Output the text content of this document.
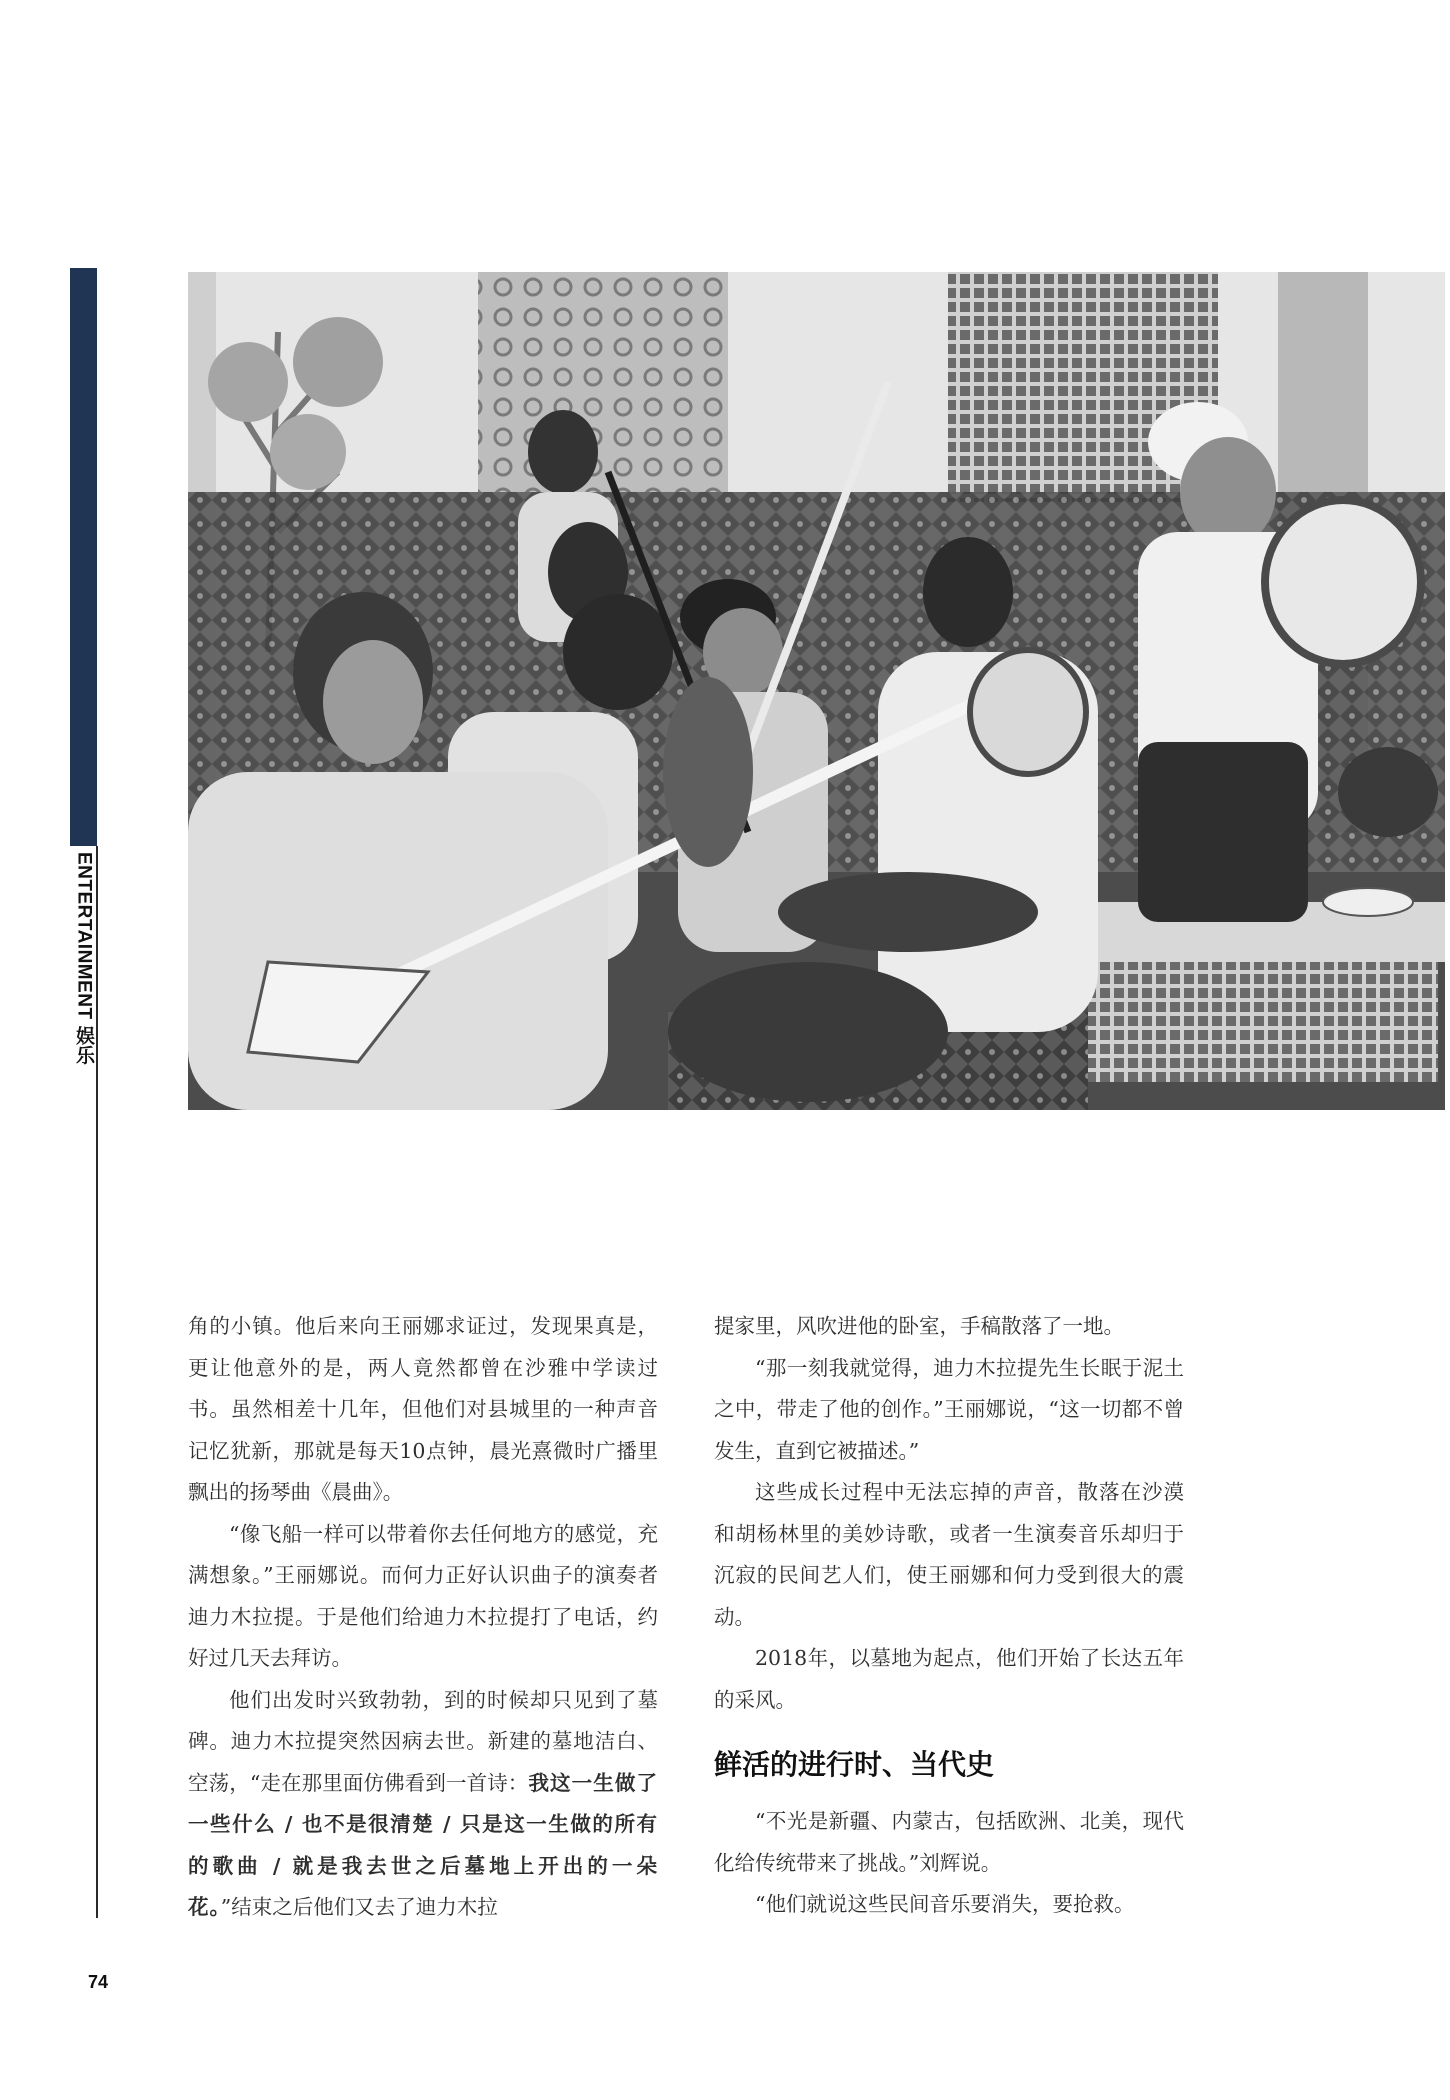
ENTERTAINMENT
娱乐

角的小镇。他后来向王丽娜求证过，发现果真是，更让他意外的是，两人竟然都曾在沙雅中学读过书。虽然相差十几年，但他们对县城里的一种声音记忆犹新，那就是每天10点钟，晨光熹微时广播里飘出的扬琴曲《晨曲》。

“像飞船一样可以带着你去任何地方的感觉，充满想象。”王丽娜说。而何力正好认识曲子的演奏者迪力木拉提。于是他们给迪力木拉提打了电话，约好过几天去拜访。

他们出发时兴致勃勃，到的时候却只见到了墓碑。迪力木拉提突然因病去世。新建的墓地洁白、空荡，“走在那里面仿佛看到一首诗：我这一生做了一些什么 / 也不是很清楚 / 只是这一生做的所有的歌曲 / 就是我去世之后墓地上开出的一朵花。”结束之后他们又去了迪力木拉

提家里，风吹进他的卧室，手稿散落了一地。

“那一刻我就觉得，迪力木拉提先生长眠于泥土之中，带走了他的创作。”王丽娜说，“这一切都不曾发生，直到它被描述。”

这些成长过程中无法忘掉的声音，散落在沙漠和胡杨林里的美妙诗歌，或者一生演奏音乐却归于沉寂的民间艺人们，使王丽娜和何力受到很大的震动。

2018年，以墓地为起点，他们开始了长达五年的采风。

鲜活的进行时、当代史

“不光是新疆、内蒙古，包括欧洲、北美，现代化给传统带来了挑战。”刘辉说。

“他们就说这些民间音乐要消失，要抢救。

74
